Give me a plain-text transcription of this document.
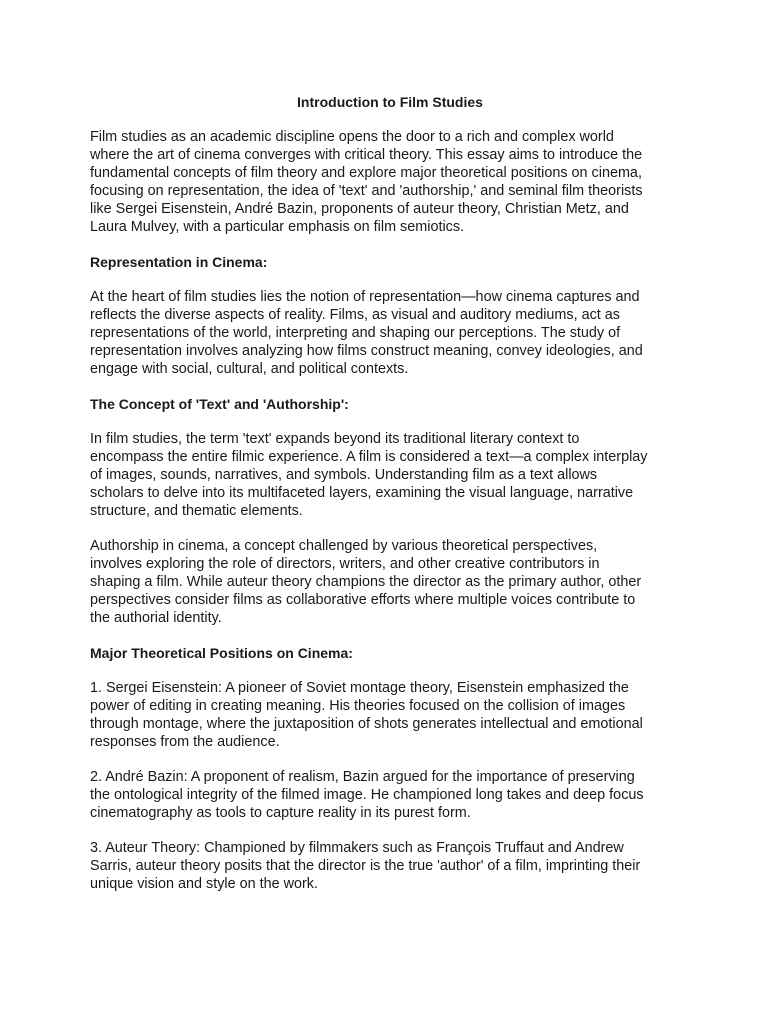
Introduction to Film Studies
Film studies as an academic discipline opens the door to a rich and complex world
where the art of cinema converges with critical theory. This essay aims to introduce the
fundamental concepts of film theory and explore major theoretical positions on cinema,
focusing on representation, the idea of 'text' and 'authorship,' and seminal film theorists
like Sergei Eisenstein, André Bazin, proponents of auteur theory, Christian Metz, and
Laura Mulvey, with a particular emphasis on film semiotics.
Representation in Cinema:
At the heart of film studies lies the notion of representation—how cinema captures and
reflects the diverse aspects of reality. Films, as visual and auditory mediums, act as
representations of the world, interpreting and shaping our perceptions. The study of
representation involves analyzing how films construct meaning, convey ideologies, and
engage with social, cultural, and political contexts.
The Concept of 'Text' and 'Authorship':
In film studies, the term 'text' expands beyond its traditional literary context to
encompass the entire filmic experience. A film is considered a text—a complex interplay
of images, sounds, narratives, and symbols. Understanding film as a text allows
scholars to delve into its multifaceted layers, examining the visual language, narrative
structure, and thematic elements.
Authorship in cinema, a concept challenged by various theoretical perspectives,
involves exploring the role of directors, writers, and other creative contributors in
shaping a film. While auteur theory champions the director as the primary author, other
perspectives consider films as collaborative efforts where multiple voices contribute to
the authorial identity.
Major Theoretical Positions on Cinema:
1. Sergei Eisenstein: A pioneer of Soviet montage theory, Eisenstein emphasized the
power of editing in creating meaning. His theories focused on the collision of images
through montage, where the juxtaposition of shots generates intellectual and emotional
responses from the audience.
2. André Bazin: A proponent of realism, Bazin argued for the importance of preserving
the ontological integrity of the filmed image. He championed long takes and deep focus
cinematography as tools to capture reality in its purest form.
3. Auteur Theory: Championed by filmmakers such as François Truffaut and Andrew
Sarris, auteur theory posits that the director is the true 'author' of a film, imprinting their
unique vision and style on the work.
